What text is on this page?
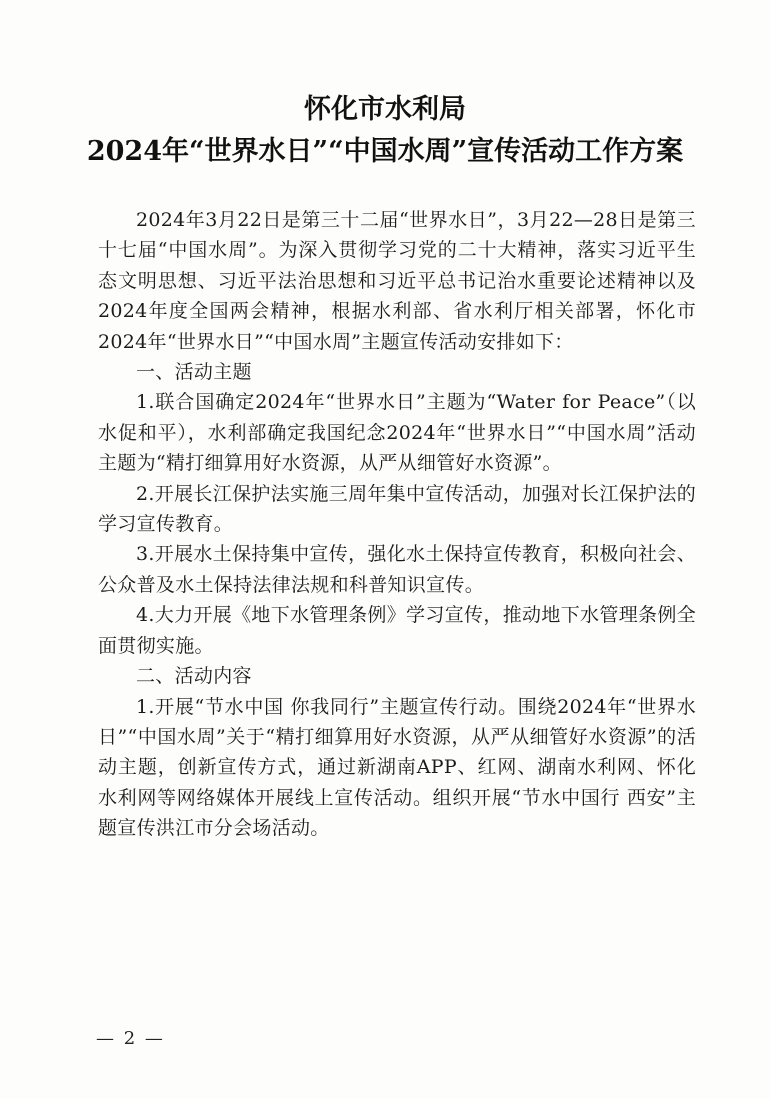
怀化市水利局
2024年“世界水日”“中国水周”宣传活动工作方案

2024年3月22日是第三十二届“世界水日”，3月22—28日是第三十七届“中国水周”。为深入贯彻学习党的二十大精神，落实习近平生态文明思想、习近平法治思想和习近平总书记治水重要论述精神以及2024年度全国两会精神，根据水利部、省水利厅相关部署，怀化市2024年“世界水日”“中国水周”主题宣传活动安排如下：

一、活动主题

1.联合国确定2024年“世界水日”主题为“Water for Peace”（以水促和平），水利部确定我国纪念2024年“世界水日”“中国水周”活动主题为“精打细算用好水资源，从严从细管好水资源”。

2.开展长江保护法实施三周年集中宣传活动，加强对长江保护法的学习宣传教育。

3.开展水土保持集中宣传，强化水土保持宣传教育，积极向社会、公众普及水土保持法律法规和科普知识宣传。

4.大力开展《地下水管理条例》学习宣传，推动地下水管理条例全面贯彻实施。

二、活动内容

1.开展“节水中国 你我同行”主题宣传行动。围绕2024年“世界水日”“中国水周”关于“精打细算用好水资源，从严从细管好水资源”的活动主题，创新宣传方式，通过新湖南APP、红网、湖南水利网、怀化水利网等网络媒体开展线上宣传活动。组织开展“节水中国行 西安”主题宣传洪江市分会场活动。

— 2 —
